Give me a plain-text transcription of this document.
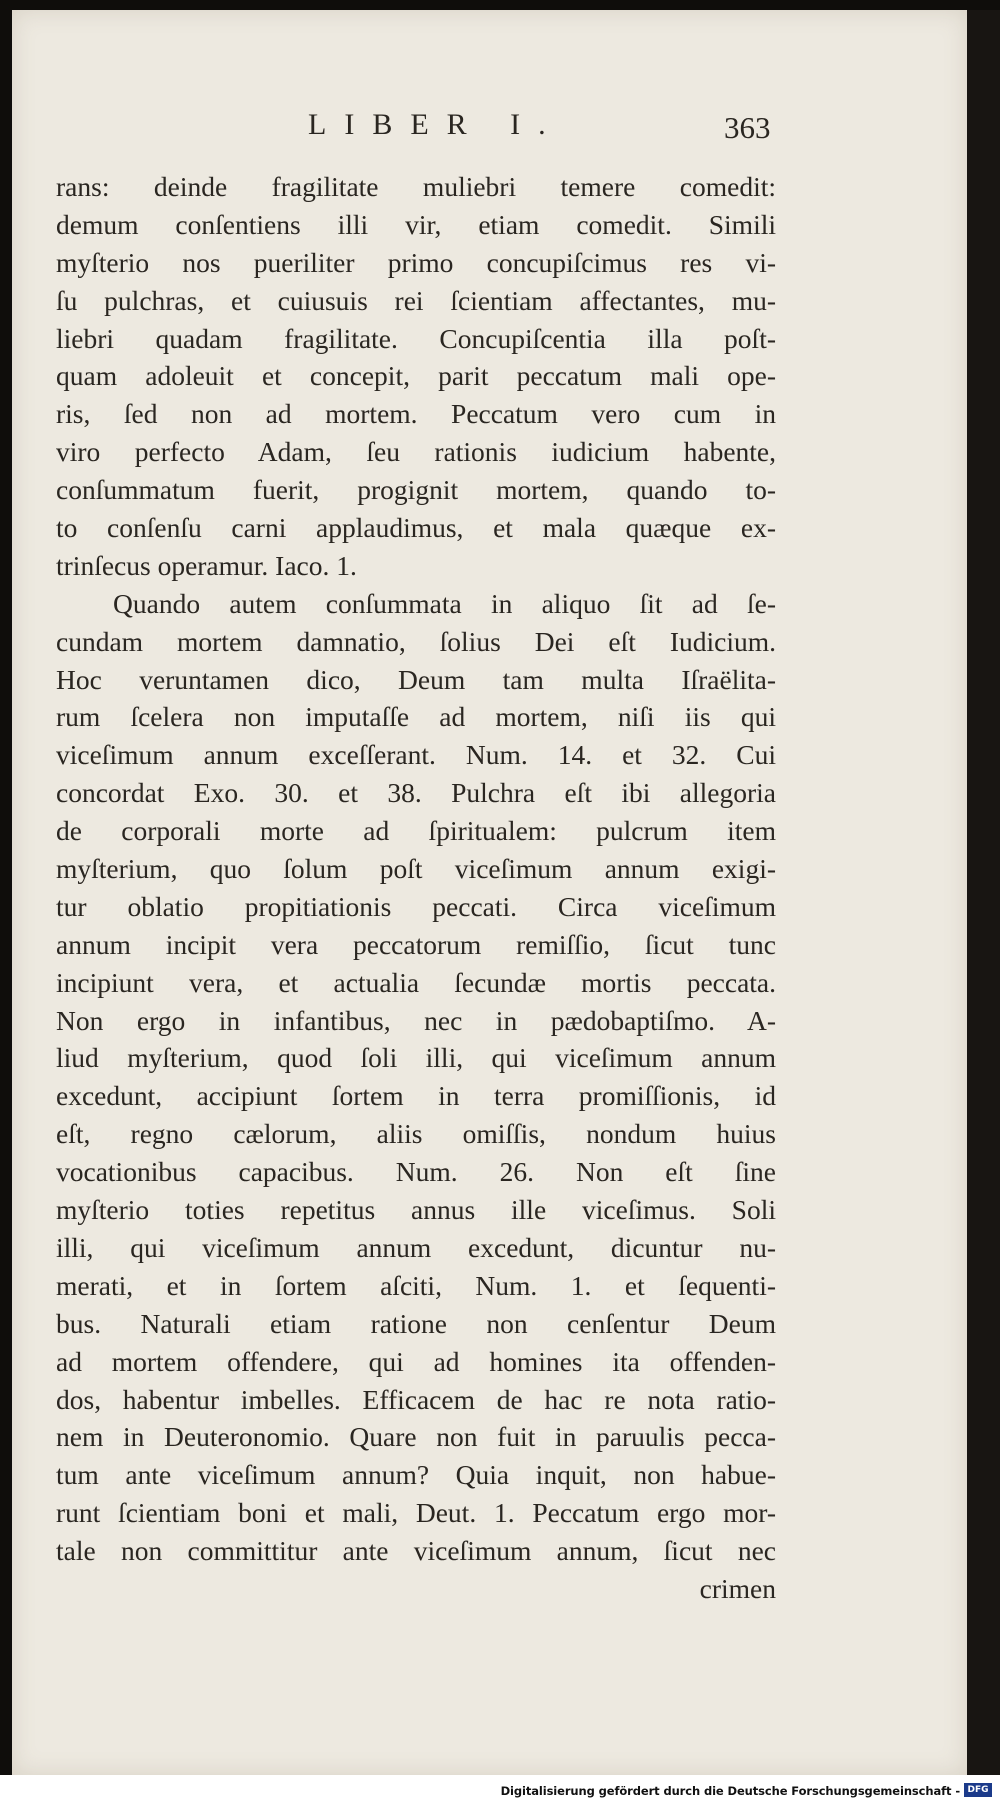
LIBER I.	363
rans: deinde fragilitate muliebri temere comedit:
demum conſentiens illi vir, etiam comedit. Simili
myſterio nos pueriliter primo concupiſcimus res vi-
ſu pulchras, et cuiusuis rei ſcientiam affectantes, mu-
liebri quadam fragilitate. Concupiſcentia illa poſt-
quam adoleuit et concepit, parit peccatum mali ope-
ris, ſed non ad mortem. Peccatum vero cum in
viro perfecto Adam, ſeu rationis iudicium habente,
conſummatum fuerit, progignit mortem, quando to-
to conſenſu carni applaudimus, et mala quæque ex-
trinſecus operamur. Iaco. 1.
Quando autem conſummata in aliquo ſit ad ſe-
cundam mortem damnatio, ſolius Dei eſt Iudicium.
Hoc veruntamen dico, Deum tam multa Iſraëlita-
rum ſcelera non imputaſſe ad mortem, niſi iis qui
viceſimum annum exceſſerant. Num. 14. et 32. Cui
concordat Exo. 30. et 38. Pulchra eſt ibi allegoria
de corporali morte ad ſpiritualem: pulcrum item
myſterium, quo ſolum poſt viceſimum annum exigi-
tur oblatio propitiationis peccati. Circa viceſimum
annum incipit vera peccatorum remiſſio, ſicut tunc
incipiunt vera, et actualia ſecundæ mortis peccata.
Non ergo in infantibus, nec in pædobaptiſmo. A-
liud myſterium, quod ſoli illi, qui viceſimum annum
excedunt, accipiunt ſortem in terra promiſſionis, id
eſt, regno cælorum, aliis omiſſis, nondum huius
vocationibus capacibus. Num. 26. Non eſt ſine
myſterio toties repetitus annus ille viceſimus. Soli
illi, qui viceſimum annum excedunt, dicuntur nu-
merati, et in ſortem aſciti, Num. 1. et ſequenti-
bus. Naturali etiam ratione non cenſentur Deum
ad mortem offendere, qui ad homines ita offenden-
dos, habentur imbelles. Efficacem de hac re nota ratio-
nem in Deuteronomio. Quare non fuit in paruulis pecca-
tum ante viceſimum annum? Quia inquit, non habue-
runt ſcientiam boni et mali, Deut. 1. Peccatum ergo mor-
tale non committitur ante viceſimum annum, ſicut nec
crimen
Digitalisierung gefördert durch die Deutsche Forschungsgemeinschaft - DFG
